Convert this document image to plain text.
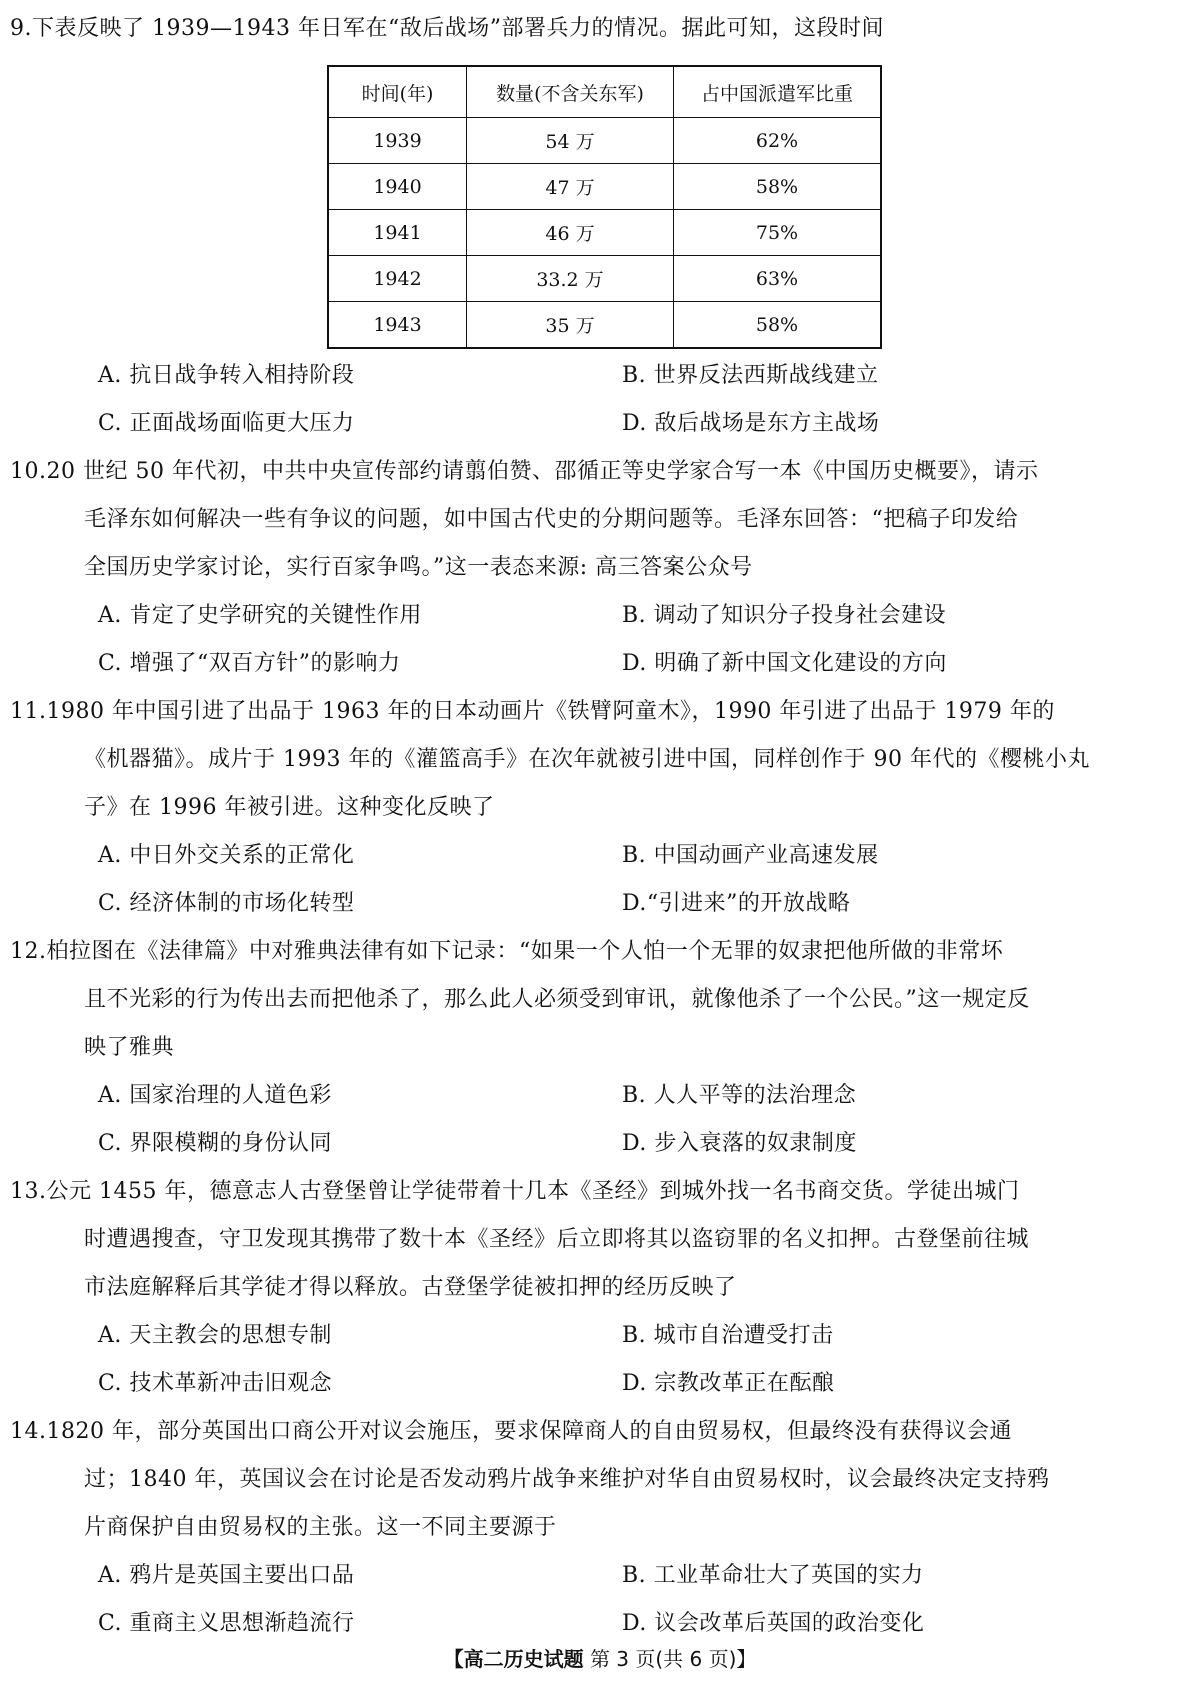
9.下表反映了 1939—1943 年日军在“敌后战场”部署兵力的情况。据此可知，这段时间
时间(年)	数量(不含关东军)	占中国派遣军比重
1939	54 万	62%
1940	47 万	58%
1941	46 万	75%
1942	33.2 万	63%
1943	35 万	58%
A. 抗日战争转入相持阶段	B. 世界反法西斯战线建立
C. 正面战场面临更大压力	D. 敌后战场是东方主战场
10.20 世纪 50 年代初，中共中央宣传部约请翦伯赞、邵循正等史学家合写一本《中国历史概要》，请示
毛泽东如何解决一些有争议的问题，如中国古代史的分期问题等。毛泽东回答：“把稿子印发给
全国历史学家讨论，实行百家争鸣。”这一表态来源: 高三答案公众号
A. 肯定了史学研究的关键性作用	B. 调动了知识分子投身社会建设
C. 增强了“双百方针”的影响力	D. 明确了新中国文化建设的方向
11.1980 年中国引进了出品于 1963 年的日本动画片《铁臂阿童木》，1990 年引进了出品于 1979 年的
《机器猫》。成片于 1993 年的《灌篮高手》在次年就被引进中国，同样创作于 90 年代的《樱桃小丸
子》在 1996 年被引进。这种变化反映了
A. 中日外交关系的正常化	B. 中国动画产业高速发展
C. 经济体制的市场化转型	D.“引进来”的开放战略
12.柏拉图在《法律篇》中对雅典法律有如下记录：“如果一个人怕一个无罪的奴隶把他所做的非常坏
且不光彩的行为传出去而把他杀了，那么此人必须受到审讯，就像他杀了一个公民。”这一规定反
映了雅典
A. 国家治理的人道色彩	B. 人人平等的法治理念
C. 界限模糊的身份认同	D. 步入衰落的奴隶制度
13.公元 1455 年，德意志人古登堡曾让学徒带着十几本《圣经》到城外找一名书商交货。学徒出城门
时遭遇搜查，守卫发现其携带了数十本《圣经》后立即将其以盗窃罪的名义扣押。古登堡前往城
市法庭解释后其学徒才得以释放。古登堡学徒被扣押的经历反映了
A. 天主教会的思想专制	B. 城市自治遭受打击
C. 技术革新冲击旧观念	D. 宗教改革正在酝酿
14.1820 年，部分英国出口商公开对议会施压，要求保障商人的自由贸易权，但最终没有获得议会通
过；1840 年，英国议会在讨论是否发动鸦片战争来维护对华自由贸易权时，议会最终决定支持鸦
片商保护自由贸易权的主张。这一不同主要源于
A. 鸦片是英国主要出口品	B. 工业革命壮大了英国的实力
C. 重商主义思想渐趋流行	D. 议会改革后英国的政治变化
【高二历史试题 第 3 页(共 6 页)】
